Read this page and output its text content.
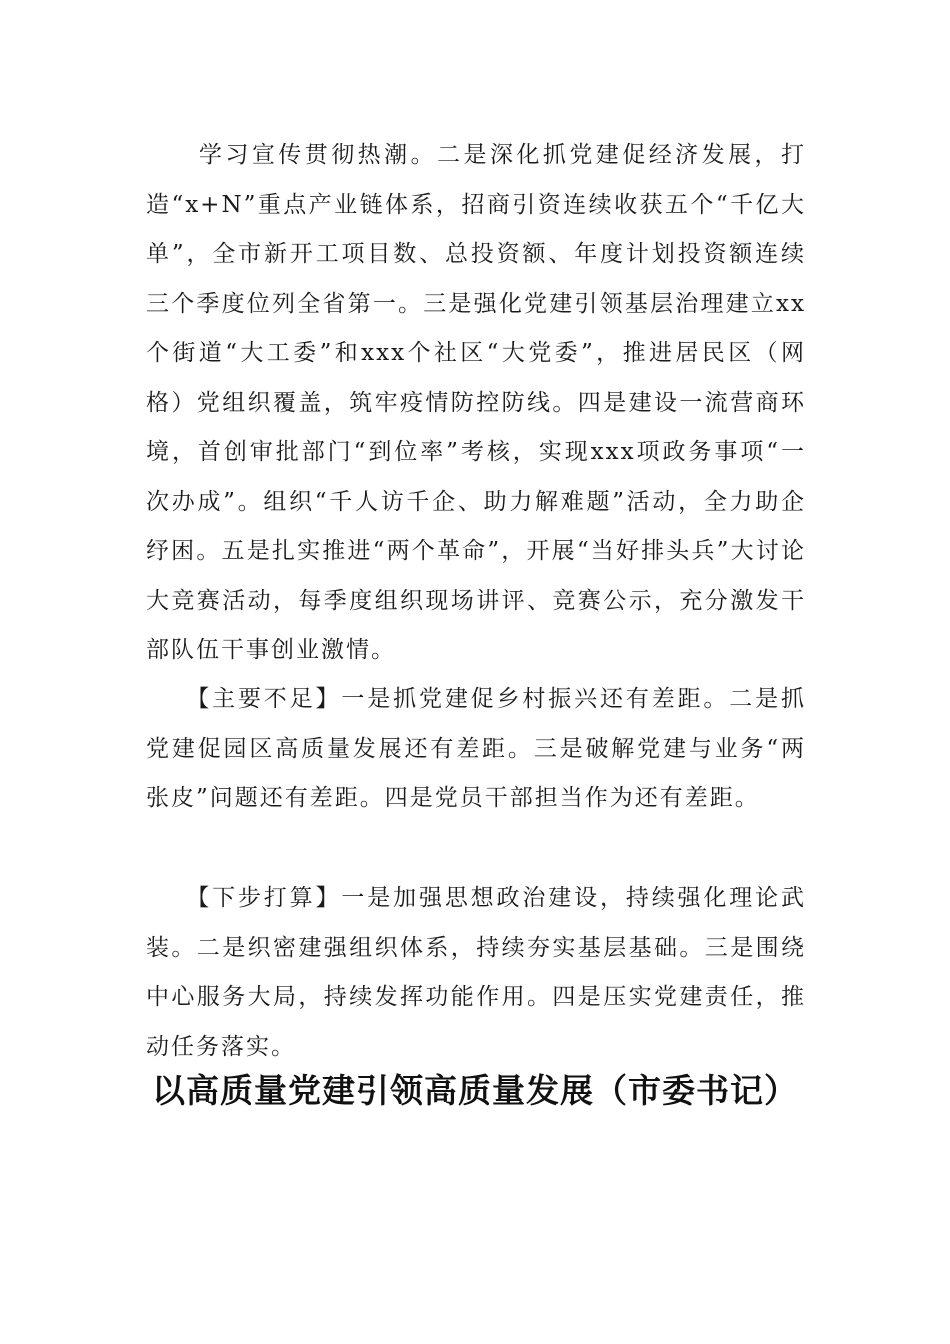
　　学习宣传贯彻热潮。二是深化抓党建促经济发展，打造“x+N”重点产业链体系，招商引资连续收获五个“千亿大单”，全市新开工项目数、总投资额、年度计划投资额连续三个季度位列全省第一。三是强化党建引领基层治理建立xx个街道“大工委”和xxx个社区“大党委”，推进居民区（网格）党组织覆盖，筑牢疫情防控防线。四是建设一流营商环境，首创审批部门“到位率”考核，实现xxx项政务事项“一次办成”。组织“千人访千企、助力解难题”活动，全力助企纾困。五是扎实推进“两个革命”，开展“当好排头兵”大讨论大竞赛活动，每季度组织现场讲评、竞赛公示，充分激发干部队伍干事创业激情。

　　【主要不足】一是抓党建促乡村振兴还有差距。二是抓党建促园区高质量发展还有差距。三是破解党建与业务“两张皮”问题还有差距。四是党员干部担当作为还有差距。

　　【下步打算】一是加强思想政治建设，持续强化理论武装。二是织密建强组织体系，持续夯实基层基础。三是围绕中心服务大局，持续发挥功能作用。四是压实党建责任，推动任务落实。

以高质量党建引领高质量发展（市委书记）
